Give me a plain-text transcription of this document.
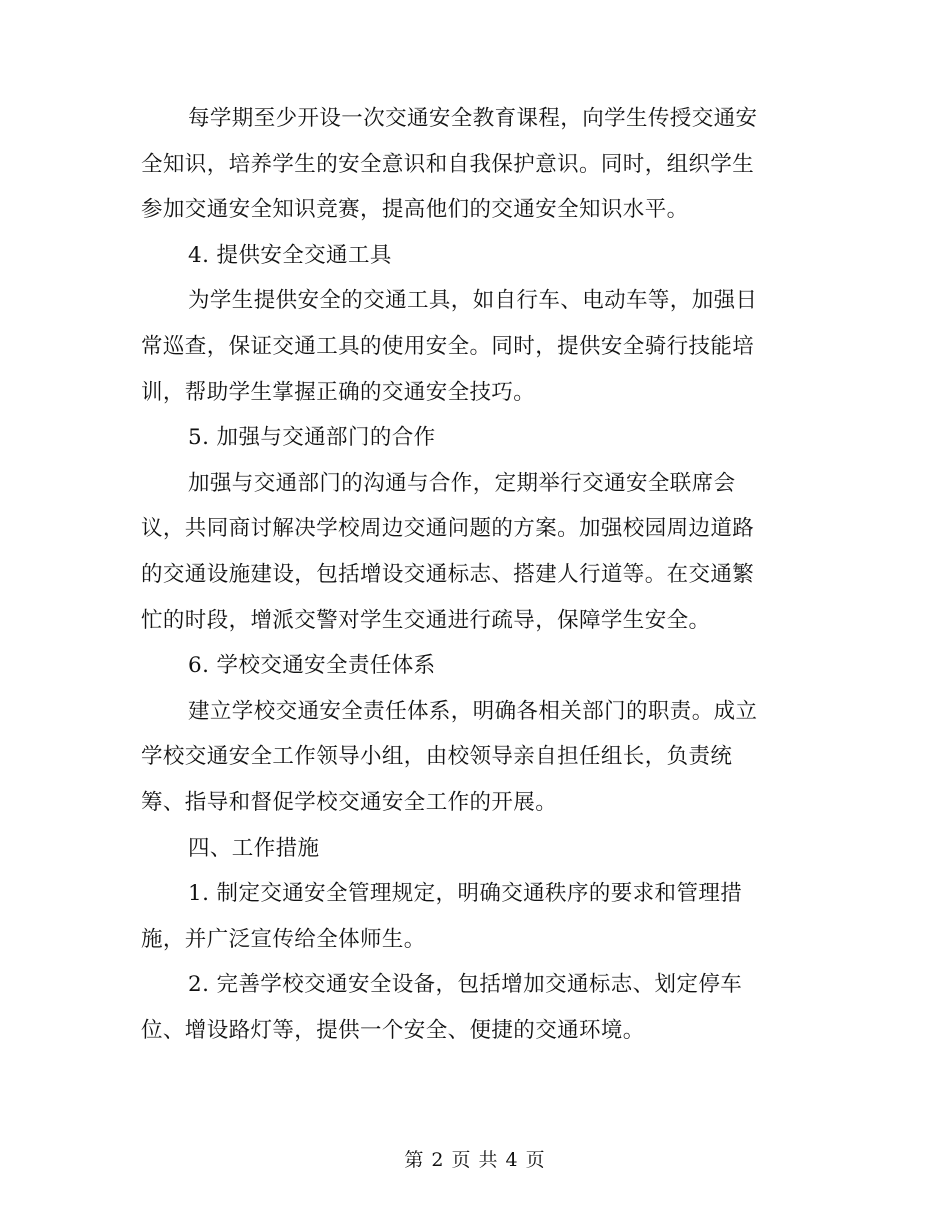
每学期至少开设一次交通安全教育课程，向学生传授交通安
全知识，培养学生的安全意识和自我保护意识。同时，组织学生
参加交通安全知识竞赛，提高他们的交通安全知识水平。
4. 提供安全交通工具
为学生提供安全的交通工具，如自行车、电动车等，加强日
常巡查，保证交通工具的使用安全。同时，提供安全骑行技能培
训，帮助学生掌握正确的交通安全技巧。
5. 加强与交通部门的合作
加强与交通部门的沟通与合作，定期举行交通安全联席会
议，共同商讨解决学校周边交通问题的方案。加强校园周边道路
的交通设施建设，包括增设交通标志、搭建人行道等。在交通繁
忙的时段，增派交警对学生交通进行疏导，保障学生安全。
6. 学校交通安全责任体系
建立学校交通安全责任体系，明确各相关部门的职责。成立
学校交通安全工作领导小组，由校领导亲自担任组长，负责统
筹、指导和督促学校交通安全工作的开展。
四、工作措施
1. 制定交通安全管理规定，明确交通秩序的要求和管理措
施，并广泛宣传给全体师生。
2. 完善学校交通安全设备，包括增加交通标志、划定停车
位、增设路灯等，提供一个安全、便捷的交通环境。
第 2 页 共 4 页
